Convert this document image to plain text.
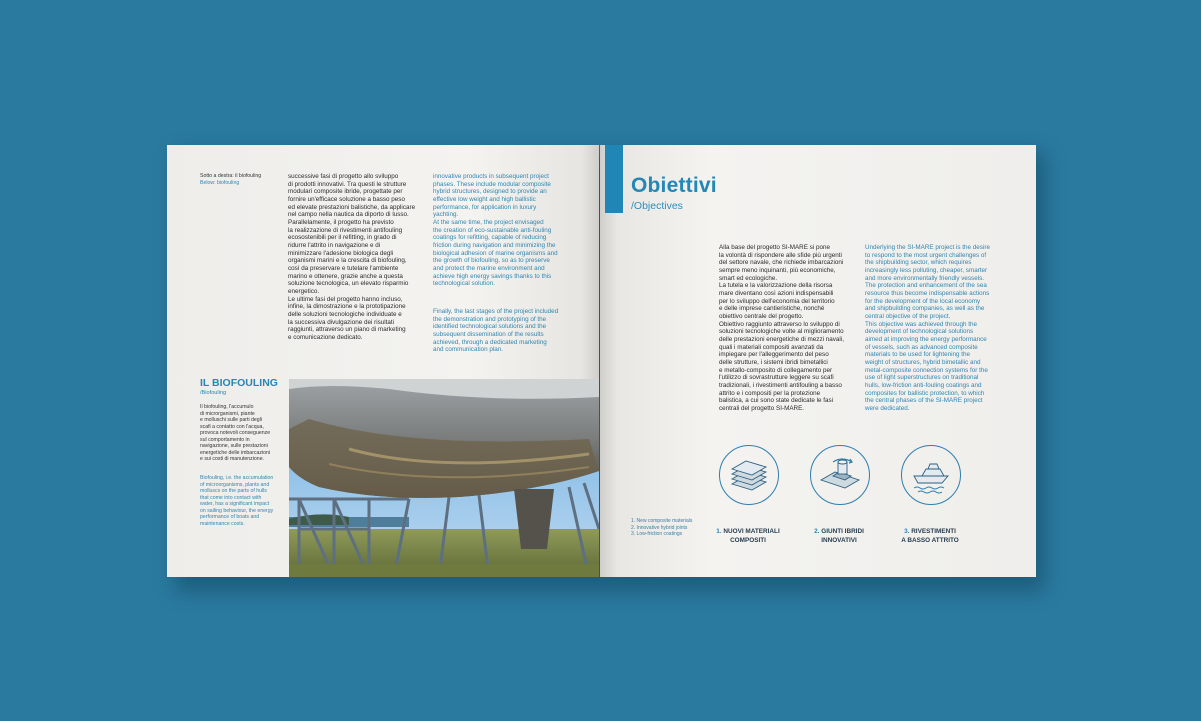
Sotto a destra: il biofouling

Below: biofouling

successive fasi di progetto allo sviluppo
di prodotti innovativi. Tra questi le strutture
modulari composite ibride, progettate per
fornire un'efficace soluzione a basso peso
ed elevate prestazioni balistiche, da applicare
nel campo nella nautica da diporto di lusso.
Parallelamente, il progetto ha previsto
la realizzazione di rivestimenti antifouling
ecosostenibili per il refitting, in grado di
ridurre l'attrito in navigazione e di
minimizzare l'adesione biologica degli
organismi marini e la crescita di biofouling,
così da preservare e tutelare l'ambiente
marino e ottenere, grazie anche a questa
soluzione tecnologica, un elevato risparmio
energetico.
Le ultime fasi del progetto hanno incluso,
infine, la dimostrazione e la prototipazione
delle soluzioni tecnologiche individuate e
la successiva divulgazione dei risultati
raggiunti, attraverso un piano di marketing
e comunicazione dedicato.

innovative products in subsequent project
phases. These include modular composite
hybrid structures, designed to provide an
effective low weight and high ballistic
performance, for application in luxury
yachting.
At the same time, the project envisaged
the creation of eco-sustainable anti-fouling
coatings for refitting, capable of reducing
friction during navigation and minimizing the
biological adhesion of marine organisms and
the growth of biofouling, so as to preserve
and protect the marine environment and
achieve high energy savings thanks to this
technological solution.

Finally, the last stages of the project included
the demonstration and prototyping of the
identified technological solutions and the
subsequent dissemination of the results
achieved, through a dedicated marketing
and communication plan.

IL BIOFOULING

/Biofouling

Il biofouling, l'accumulo
di microrganismi, piante
e molluschi sulle parti degli
scafi a contatto con l'acqua,
provoca notevoli conseguenze
sul comportamento in
navigazione, sulle prestazioni
energetiche delle imbarcazioni
e sui costi di manutenzione.

Biofouling, i.e. the accumulation
of microorganisms, plants and
molluscs on the parts of hulls
that come into contact with
water, has a significant impact
on sailing behaviour, the energy
performance of boats and
maintenance costs.

Obiettivi

/Objectives

Alla base del progetto SI-MARE si pone
la volontà di rispondere alle sfide più urgenti
del settore navale, che richiede imbarcazioni
sempre meno inquinanti, più economiche,
smart ed ecologiche.
La tutela e la valorizzazione della risorsa
mare diventano così azioni indispensabili
per lo sviluppo dell'economia del territorio
e delle imprese cantieristiche, nonché
obiettivo centrale del progetto.
Obiettivo raggiunto attraverso lo sviluppo di
soluzioni tecnologiche volte al miglioramento
delle prestazioni energetiche di mezzi navali,
quali i materiali compositi avanzati da
impiegare per l'alleggerimento del peso
delle strutture, i sistemi ibridi bimetallici
e metallo-composito di collegamento per
l'utilizzo di sovrastrutture leggere su scafi
tradizionali, i rivestimenti antifouling a basso
attrito e i compositi per la protezione
balistica, a cui sono state dedicate le fasi
centrali del progetto SI-MARE.

Underlying the SI-MARE project is the desire
to respond to the most urgent challenges of
the shipbuilding sector, which requires
increasingly less polluting, cheaper, smarter
and more environmentally friendly vessels.
The protection and enhancement of the sea
resource thus become indispensable actions
for the development of the local economy
and shipbuilding companies, as well as the
central objective of the project.
This objective was achieved through the
development of technological solutions
aimed at improving the energy performance
of vessels, such as advanced composite
materials to be used for lightening the
weight of structures, hybrid bimetallic and
metal-composite connection systems for the
use of light superstructures on traditional
hulls, low-friction anti-fouling coatings and
composites for ballistic protection, to which
the central phases of the SI-MARE project
were dedicated.

1. New composite materials
2. Innovative hybrid joints
3. Low-friction coatings	1. NUOVI MATERIALI
COMPOSITI

2. GIUNTI IBRIDI
INNOVATIVI

3. RIVESTIMENTI
A BASSO ATTRITO
